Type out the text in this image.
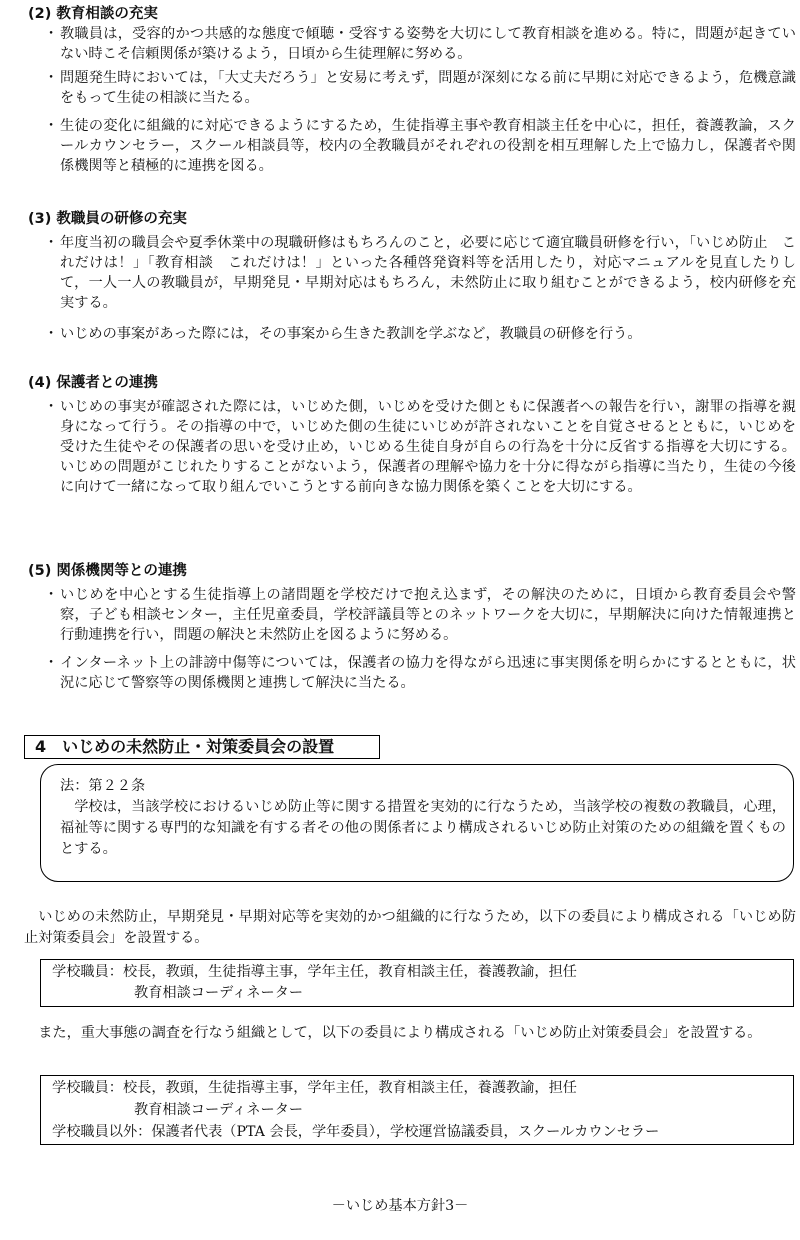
(2) 教育相談の充実
・ 教職員は，受容的かつ共感的な態度で傾聴・受容する姿勢を大切にして教育相談を進める。特に，問題が起きていない時こそ信頼関係が築けるよう，日頃から生徒理解に努める。
・ 問題発生時においては，「大丈夫だろう」と安易に考えず，問題が深刻になる前に早期に対応できるよう，危機意識をもって生徒の相談に当たる。
・ 生徒の変化に組織的に対応できるようにするため，生徒指導主事や教育相談主任を中心に，担任，養護教論，スクールカウンセラー，スクール相談員等，校内の全教職員がそれぞれの役割を相互理解した上で協力し，保護者や関係機関等と積極的に連携を図る。
(3) 教職員の研修の充実
・ 年度当初の職員会や夏季休業中の現職研修はもちろんのこと，必要に応じて適宜職員研修を行い，「いじめ防止　これだけは！」「教育相談　これだけは！」といった各種啓発資料等を活用したり，対応マニュアルを見直したりして，一人一人の教職員が，早期発見・早期対応はもちろん，未然防止に取り組むことができるよう，校内研修を充実する。
・ いじめの事案があった際には，その事案から生きた教訓を学ぶなど，教職員の研修を行う。
(4) 保護者との連携
・ いじめの事実が確認された際には，いじめた側，いじめを受けた側ともに保護者への報告を行い，謝罪の指導を親身になって行う。その指導の中で，いじめた側の生徒にいじめが許されないことを自覚させるとともに，いじめを受けた生徒やその保護者の思いを受け止め，いじめる生徒自身が自らの行為を十分に反省する指導を大切にする。いじめの問題がこじれたりすることがないよう，保護者の理解や協力を十分に得ながら指導に当たり，生徒の今後に向けて一緒になって取り組んでいこうとする前向きな協力関係を築くことを大切にする。
(5) 関係機関等との連携
・ いじめを中心とする生徒指導上の諸問題を学校だけで抱え込まず，その解決のために，日頃から教育委員会や警察，子ども相談センター，主任児童委員，学校評議員等とのネットワークを大切に，早期解決に向けた情報連携と行動連携を行い，問題の解決と未然防止を図るように努める。
・ インターネット上の誹謗中傷等については，保護者の協力を得ながら迅速に事実関係を明らかにするとともに，状況に応じて警察等の関係機関と連携して解決に当たる。
4　いじめの未然防止・対策委員会の設置
法：第２２条
学校は，当該学校におけるいじめ防止等に関する措置を実効的に行なうため，当該学校の複数の教職員，心理，福祉等に関する専門的な知識を有する者その他の関係者により構成されるいじめ防止対策のための組織を置くものとする。
いじめの未然防止，早期発見・早期対応等を実効的かつ組織的に行なうため，以下の委員により構成される「いじめ防止対策委員会」を設置する。
学校職員：校長，教頭，生徒指導主事，学年主任，教育相談主任，養護教諭，担任
教育相談コーディネーター
また，重大事態の調査を行なう組織として，以下の委員により構成される「いじめ防止対策委員会」を設置する。
学校職員：校長，教頭，生徒指導主事，学年主任，教育相談主任，養護教諭，担任
教育相談コーディネーター
学校職員以外：保護者代表（PTA 会長，学年委員），学校運営協議委員，スクールカウンセラー
－いじめ基本方針3－
